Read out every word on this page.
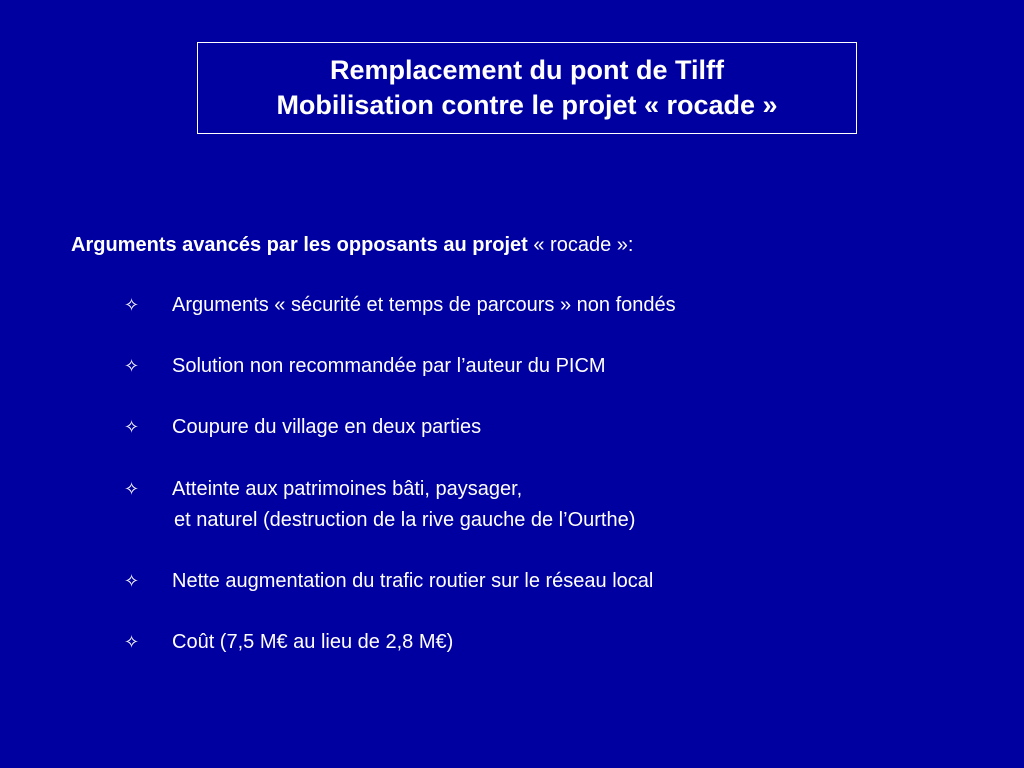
Remplacement du pont de Tilff
Mobilisation contre le projet « rocade »
Arguments avancés par les opposants au projet « rocade »:
✧ Arguments « sécurité et temps de parcours » non fondés
✧ Solution non recommandée par l’auteur du PICM
✧ Coupure du village en deux parties
✧ Atteinte aux patrimoines bâti, paysager,
et naturel (destruction de la rive gauche de l’Ourthe)
✧ Nette augmentation du trafic routier sur le réseau local
✧ Coût (7,5 M€ au lieu de 2,8 M€)
